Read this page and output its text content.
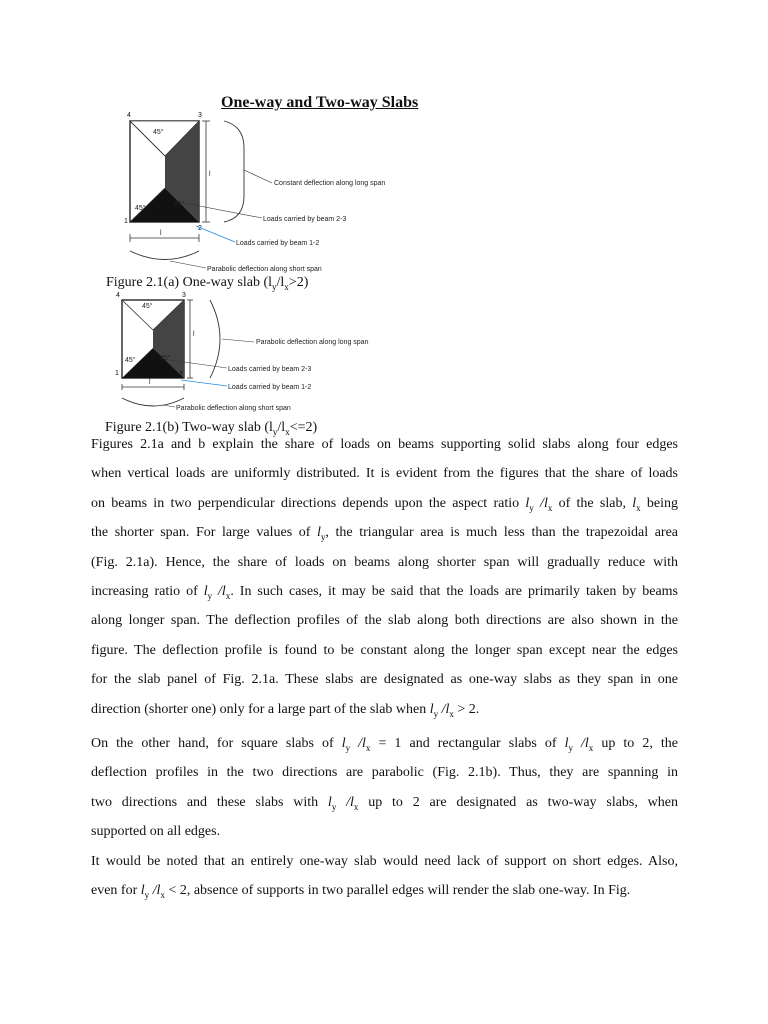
One-way and Two-way Slabs
4	3
1
2
45°
45°
45°
l
l
Constant deflection along long span
Loads carried by beam 2-3
Loads carried by beam 1-2
Parabolic deflection along short span
Figure 2.1(a) One-way slab $(l_y/l_x>2)$
4	3
1	2
45°
45°	45°
l
l
Parabolic deflection along long span
Loads carried by beam 2-3
Loads carried by beam 1-2
Parabolic deflection along short span
Figure 2.1(b) Two-way slab $(l_y/l_x<=2)$
Figures 2.1a and b explain the share of loads on beams supporting solid slabs along four edges
when vertical loads are uniformly distributed. It is evident from the figures that the share of loads
on beams in two perpendicular directions depends upon the aspect ratio $l_y$ $/l_x$ of the slab, $l_x$ being
the shorter span. For large values of $l_y$, the triangular area is much less than the trapezoidal area
(Fig. 2.1a). Hence, the share of loads on beams along shorter span will gradually reduce with
increasing ratio of $l_y$ $/l_x$. In such cases, it may be said that the loads are primarily taken by beams
along longer span. The deflection profiles of the slab along both directions are also shown in the
figure. The deflection profile is found to be constant along the longer span except near the edges
for the slab panel of Fig. 2.1a. These slabs are designated as one-way slabs as they span in one
direction (shorter one) only for a large part of the slab when $l_y$ $/l_x > 2$.
On the other hand, for square slabs of $l_y$ $/l_x = 1$ and rectangular slabs of $l_y$ $/l_x$ up to 2, the
deflection profiles in the two directions are parabolic (Fig. 2.1b). Thus, they are spanning in
two directions and these slabs with $l_y$ $/l_x$ up to 2 are designated as two-way slabs, when
supported on all edges.
It would be noted that an entirely one-way slab would need lack of support on short edges. Also,
even for $l_y$ $/l_x < 2$, absence of supports in two parallel edges will render the slab one-way. In Fig.
